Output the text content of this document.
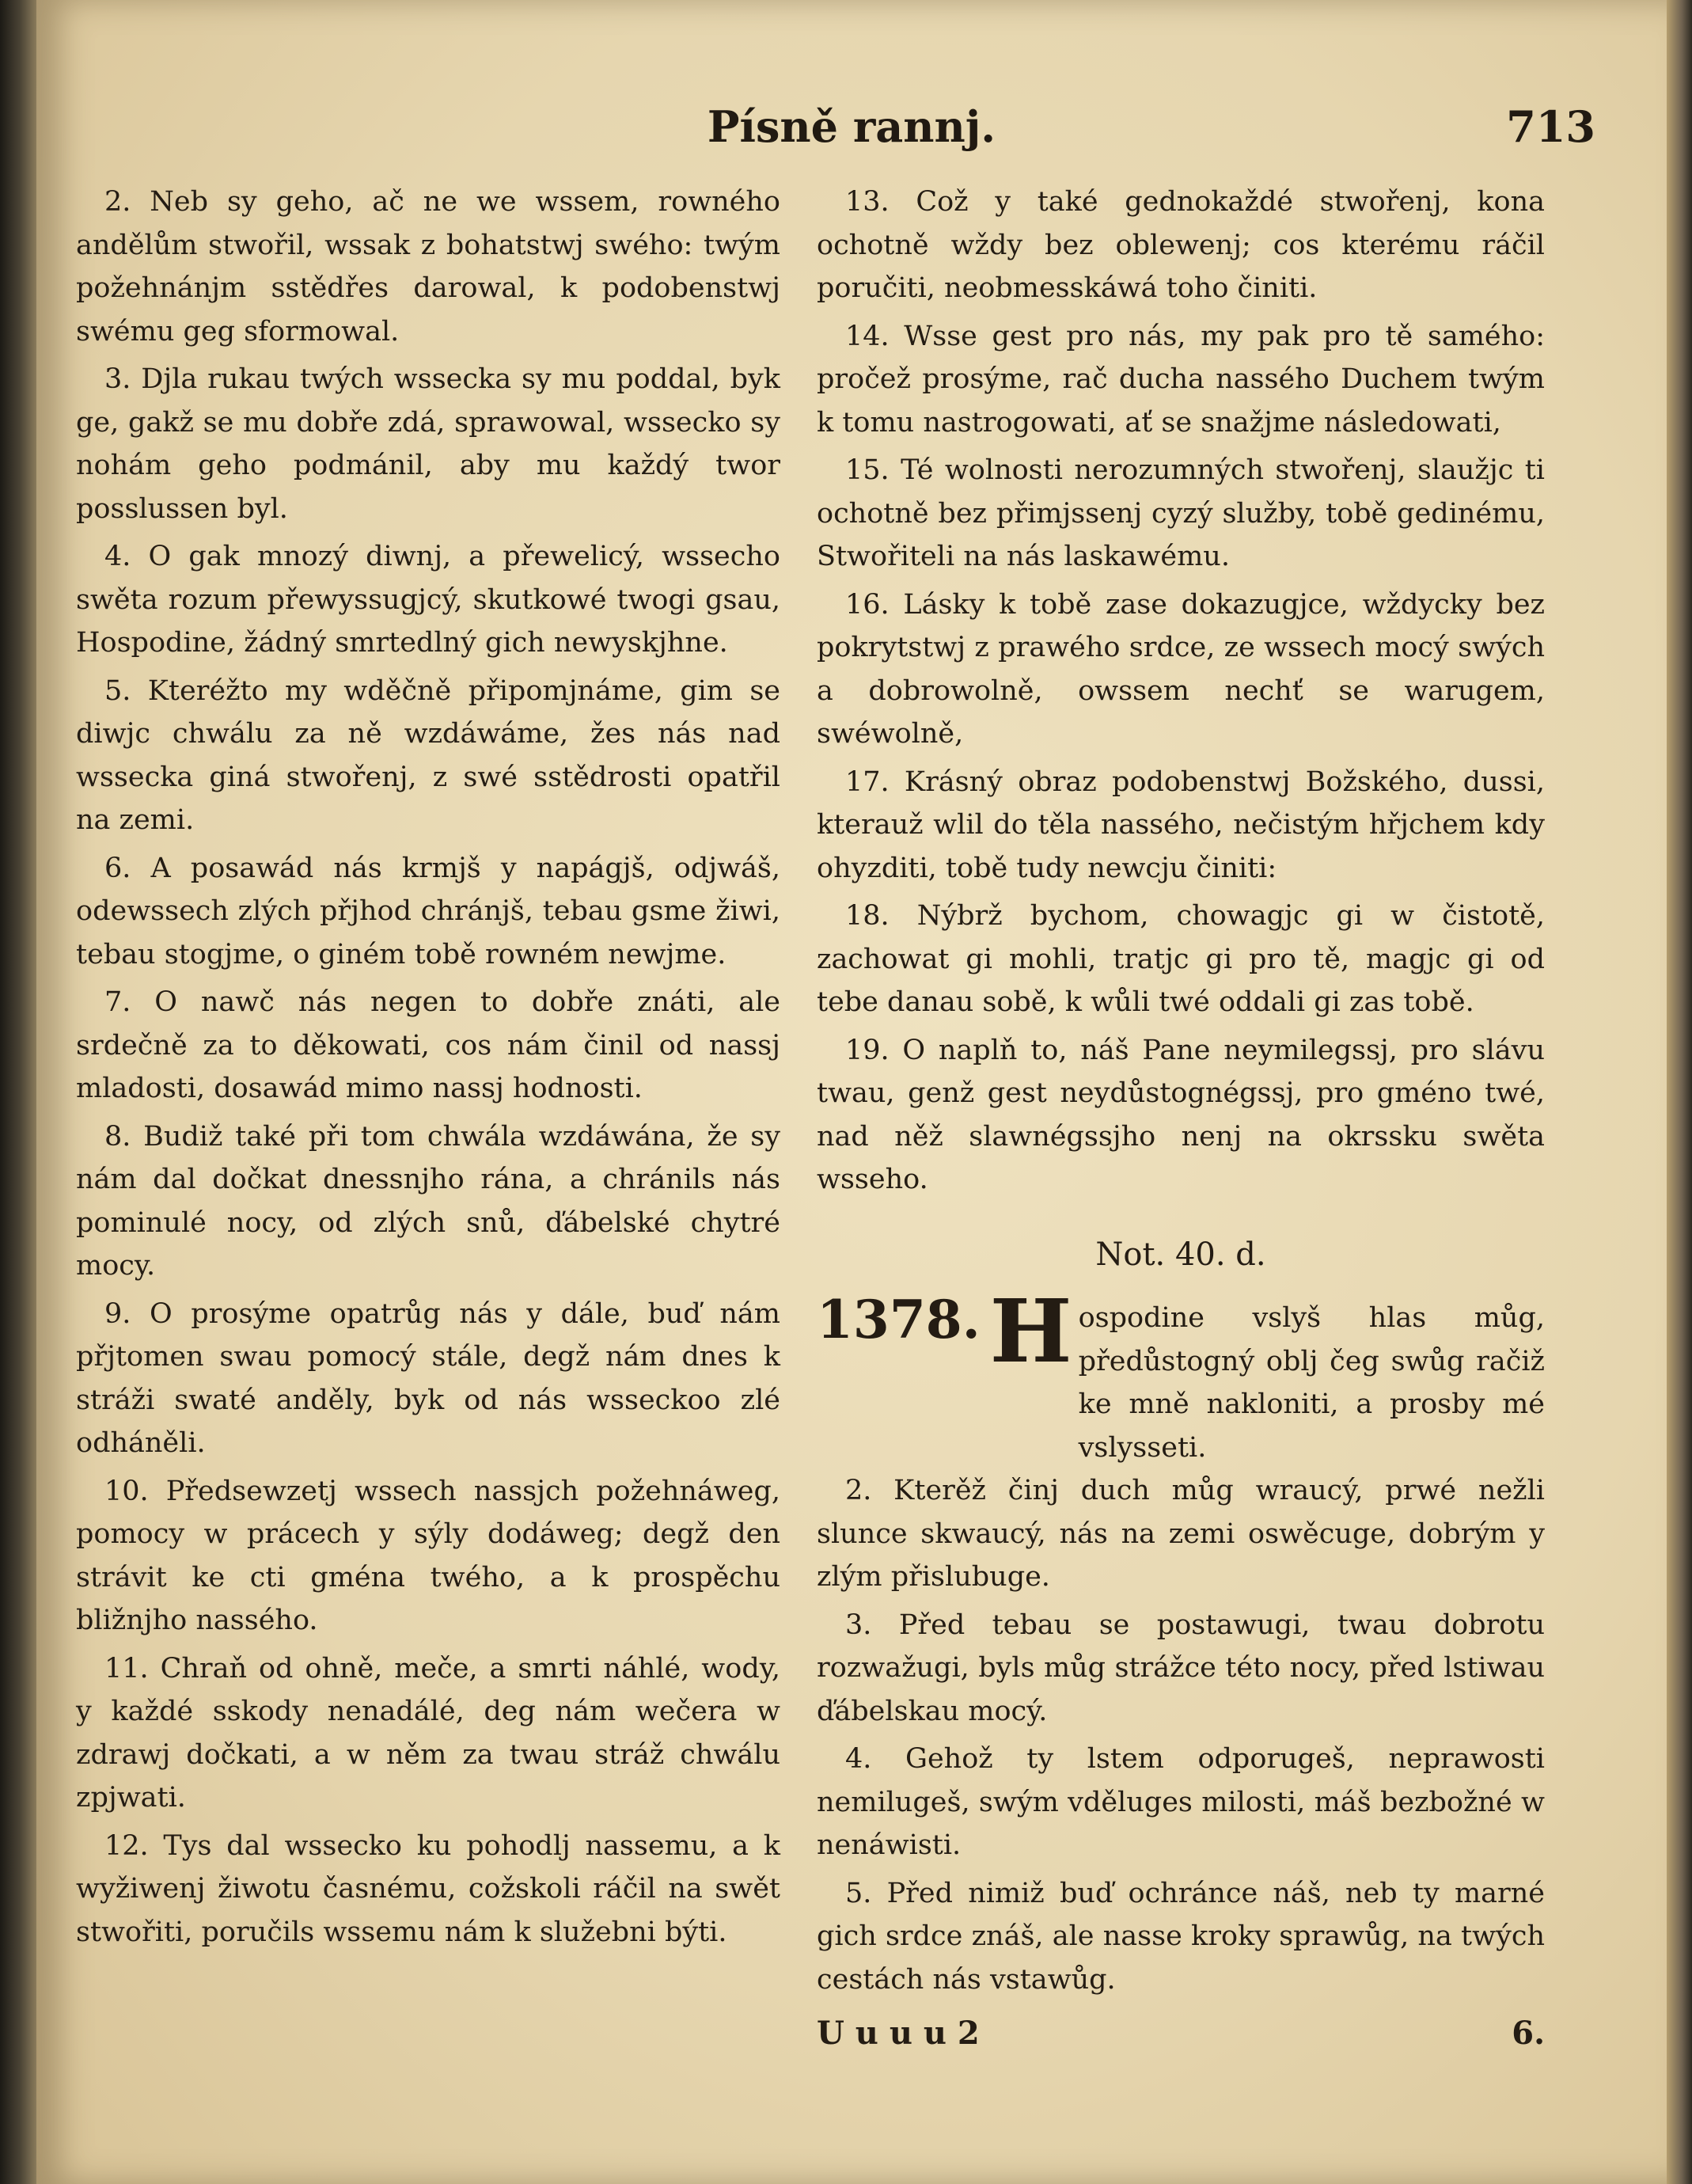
Písně rannj.	713

2. Neb sy geho, ač ne we wssem, rowného andělům stwořil, wssak z bohatstwj swého: twým požehnánjm sstědřes darowal, k podobenstwj swému geg sformowal.

3. Djla rukau twých wssecka sy mu poddal, byk ge, gakž se mu dobře zdá, sprawowal, wssecko sy nohám geho podmánil, aby mu každý twor posslussen byl.

4. O gak mnozý diwnj, a přewelicý, wssecho swěta rozum přewyssugjcý, skutkowé twogi gsau, Hospodine, žádný smrtedlný gich newyskjhne.

5. Kteréžto my wděčně připomjnáme, gim se diwjc chwálu za ně wzdáwáme, žes nás nad wssecka giná stwořenj, z swé sstědrosti opatřil na zemi.

6. A posawád nás krmjš y napágjš, odjwáš, odewssech zlých přjhod chránjš, tebau gsme žiwi, tebau stogjme, o giném tobě rowném newjme.

7. O nawč nás negen to dobře znáti, ale srdečně za to děkowati, cos nám činil od nassj mladosti, dosawád mimo nassj hodnosti.

8. Budiž také při tom chwála wzdáwána, že sy nám dal dočkat dnessnjho rána, a chránils nás pominulé nocy, od zlých snů, ďábelské chytré mocy.

9. O prosýme opatrůg nás y dále, buď nám přjtomen swau pomocý stále, degž nám dnes k stráži swaté anděly, byk od nás wsseckoo zlé odháněli.

10. Předsewzetj wssech nassjch požehnáweg, pomocy w prácech y sýly dodáweg; degž den strávit ke cti gména twého, a k prospěchu bližnjho nassého.

11. Chraň od ohně, meče, a smrti náhlé, wody, y každé sskody nenadálé, deg nám wečera w zdrawj dočkati, a w něm za twau stráž chwálu zpjwati.

12. Tys dal wssecko ku pohodlj nassemu, a k wyžiwenj žiwotu časnému, cožskoli ráčil na swět stwořiti, poručils wssemu nám k služebni býti.

13. Což y také gednokaždé stwořenj, kona ochotně wždy bez oblewenj; cos kterému ráčil poručiti, neobmesskáwá toho činiti.

14. Wsse gest pro nás, my pak pro tě samého: pročež prosýme, rač ducha nassého Duchem twým k tomu nastrogowati, ať se snažjme následowati,

15. Té wolnosti nerozumných stwořenj, slaužjc ti ochotně bez přimjssenj cyzý služby, tobě gedinému, Stwořiteli na nás laskawému.

16. Lásky k tobě zase dokazugjce, wždycky bez pokrytstwj z prawého srdce, ze wssech mocý swých a dobrowolně, owssem nechť se warugem, swéwolně,

17. Krásný obraz podobenstwj Božského, dussi, kterauž wlil do těla nassého, nečistým hřjchem kdy ohyzditi, tobě tudy newcju činiti:

18. Nýbrž bychom, chowagjc gi w čistotě, zachowat gi mohli, tratjc gi pro tě, magjc gi od tebe danau sobě, k wůli twé oddali gi zas tobě.

19. O naplň to, náš Pane neymilegssj, pro slávu twau, genž gest neydůstognégssj, pro gméno twé, nad něž slawnégssjho nenj na okrssku swěta wsseho.

Not. 40. d.
1378. H ospodine vslyš hlas můg, předůstogný oblj čeg swůg račiž ke mně nakloniti, a prosby mé vslysseti.

2. Kterěž činj duch můg wraucý, prwé nežli slunce skwaucý, nás na zemi oswěcuge, dobrým y zlým přislubuge.

3. Před tebau se postawugi, twau dobrotu rozwažugi, byls můg strážce této nocy, před lstiwau ďábelskau mocý.

4. Gehož ty lstem odporugeš, neprawosti nemilugeš, swým vděluges milosti, máš bezbožné w nenáwisti.

5. Před nimiž buď ochránce náš, neb ty marné gich srdce znáš, ale nasse kroky sprawůg, na twých cestách nás vstawůg.

U u u u 2	6.
